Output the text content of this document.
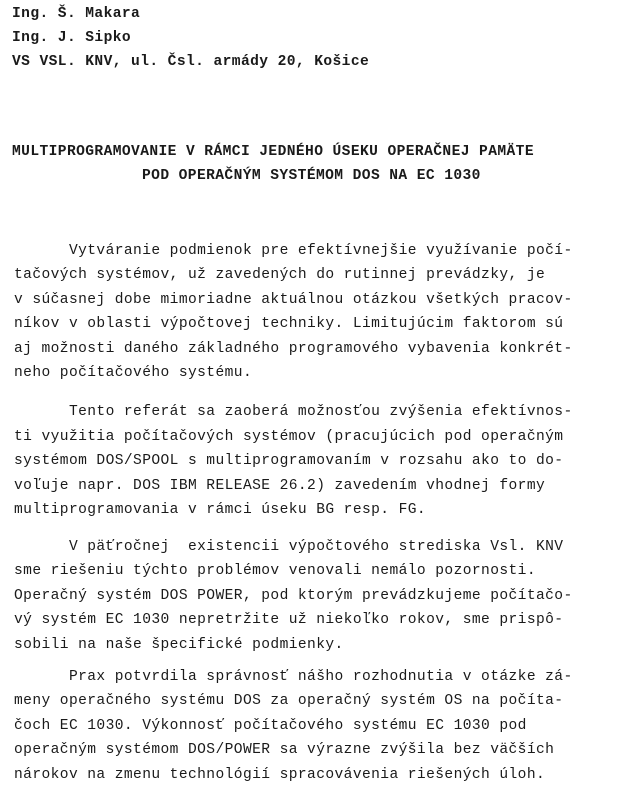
Ing. Š. Makara
Ing. J. Sipko
VS VSL. KNV, ul. Čsl. armády 20, Košice
MULTIPROGRAMOVANIE V RÁMCI JEDNÉHO ÚSEKU OPERAČNEJ PAMÄTE
POD OPERAČNÝM SYSTÉMOM DOS NA EC 1030
Vytváranie podmienok pre efektívnejšie využívanie počí-
tačových systémov, už zavedených do rutinnej prevádzky, je
v súčasnej dobe mimoriadne aktuálnou otázkou všetkých pracov-
níkov v oblasti výpočtovej techniky. Limitujúcim faktorom sú
aj možnosti daného základného programového vybavenia konkrét-
neho počítačového systému.
Tento referát sa zaoberá možnosťou zvýšenia efektívnos-
ti využitia počítačových systémov (pracujúcich pod operačným
systémom DOS/SPOOL s multiprogramovaním v rozsahu ako to do-
voľuje napr. DOS IBM RELEASE 26.2) zavedením vhodnej formy
multiprogramovania v rámci úseku BG resp. FG.
V päťročnej  existencii výpočtového strediska Vsl. KNV
sme riešeniu týchto problémov venovali nemálo pozornosti.
Operačný systém DOS POWER, pod ktorým prevádzkujeme počítačo-
vý systém EC 1030 nepretržite už niekoľko rokov, sme prispô-
sobili na naše špecifické podmienky.
Prax potvrdila správnosť nášho rozhodnutia v otázke zá-
meny operačného systému DOS za operačný systém OS na počíta-
čoch EC 1030. Výkonnosť počítačového systému EC 1030 pod
operačným systémom DOS/POWER sa výrazne zvýšila bez väčších
nárokov na zmenu technológií spracovávenia riešených úloh.
